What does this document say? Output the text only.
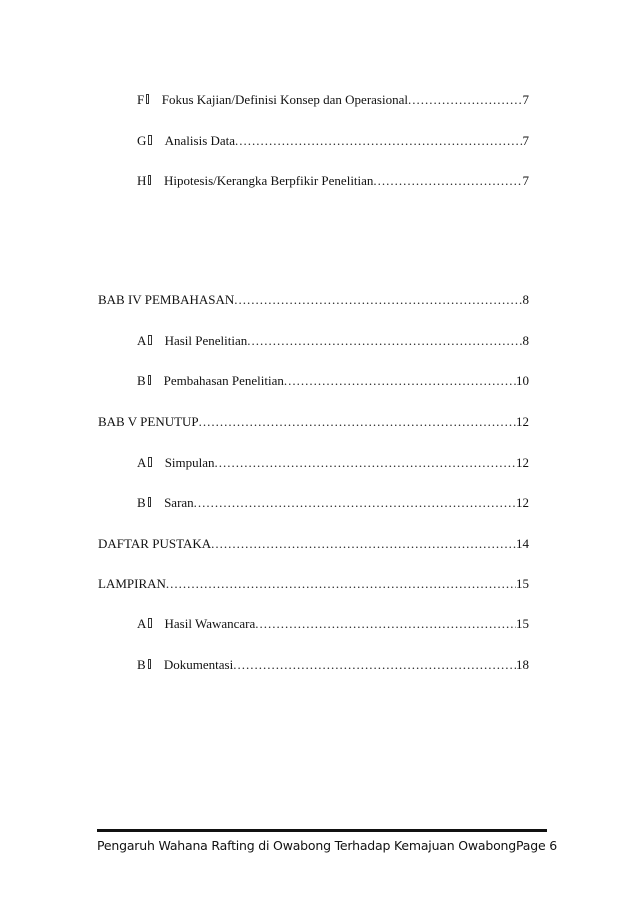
F Fokus Kajian/Definisi Konsep dan Operasional .....	7
G Analisis Data .....	7
H Hipotesis/Kerangka Berpfikir Penelitian .....	7
BAB IV PEMBAHASAN .....	8
A Hasil Penelitian .....	8
B Pembahasan Penelitian .....	10
BAB V PENUTUP .....	12
A Simpulan .....	12
B Saran .....	12
DAFTAR PUSTAKA .....	14
LAMPIRAN .....	15
A Hasil Wawancara .....	15
B Dokumentasi .....	18
Pengaruh Wahana Rafting di Owabong Terhadap Kemajuan OwabongPage 6
